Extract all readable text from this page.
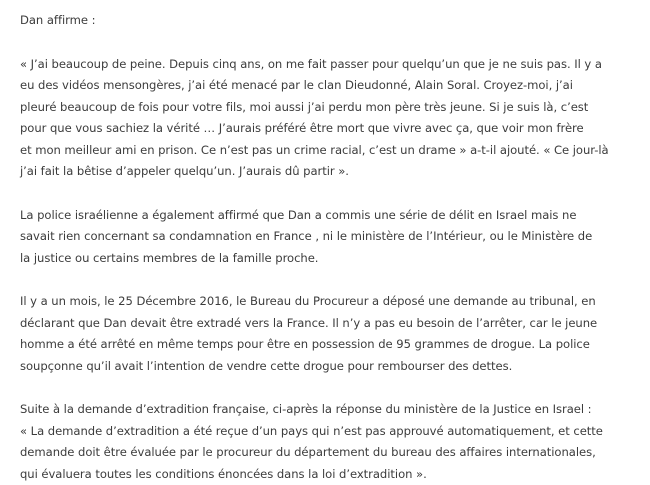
Dan affirme :

« J’ai beaucoup de peine. Depuis cinq ans, on me fait passer pour quelqu’un que je ne suis pas. Il y a
eu des vidéos mensongères, j’ai été menacé par le clan Dieudonné, Alain Soral. Croyez-moi, j’ai
pleuré beaucoup de fois pour votre fils, moi aussi j’ai perdu mon père très jeune. Si je suis là, c’est
pour que vous sachiez la vérité … J’aurais préféré être mort que vivre avec ça, que voir mon frère
et mon meilleur ami en prison. Ce n’est pas un crime racial, c’est un drame » a-t-il ajouté. « Ce jour-là
j’ai fait la bêtise d’appeler quelqu’un. J’aurais dû partir ».

La police israélienne a également affirmé que Dan a commis une série de délit en Israel mais ne
savait rien concernant sa condamnation en France , ni le ministère de l’Intérieur, ou le Ministère de
la justice ou certains membres de la famille proche.

Il y a un mois, le 25 Décembre 2016, le Bureau du Procureur a déposé une demande au tribunal, en
déclarant que Dan devait être extradé vers la France. Il n’y a pas eu besoin de l’arrêter, car le jeune
homme a été arrêté en même temps pour être en possession de 95 grammes de drogue. La police
soupçonne qu’il avait l’intention de vendre cette drogue pour rembourser des dettes.

Suite à la demande d’extradition française, ci-après la réponse du ministère de la Justice en Israel :
« La demande d’extradition a été reçue d’un pays qui n’est pas approuvé automatiquement, et cette
demande doit être évaluée par le procureur du département du bureau des affaires internationales,
qui évaluera toutes les conditions énoncées dans la loi d’extradition ».
